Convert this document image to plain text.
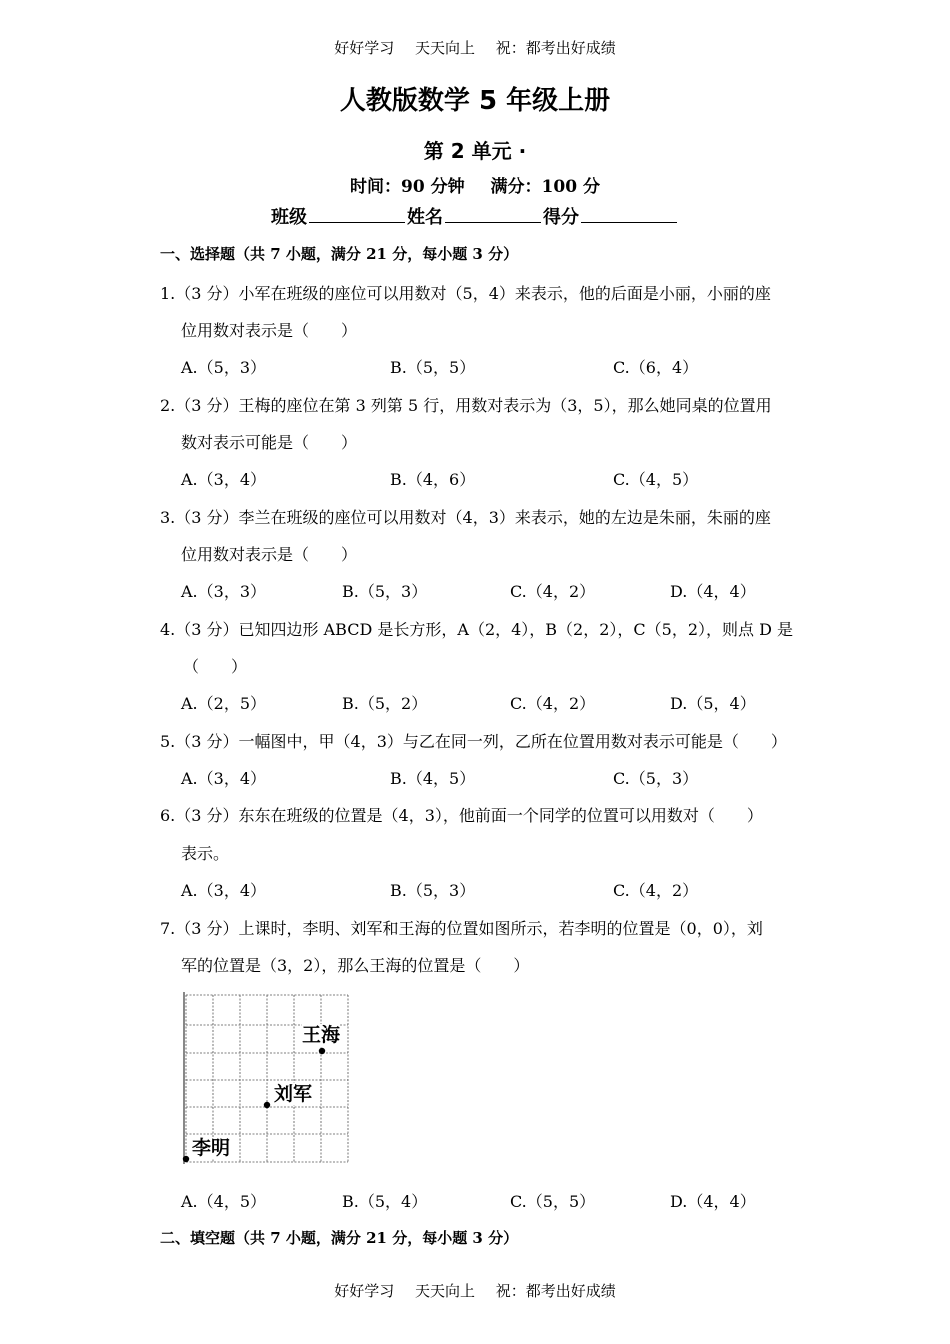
好好学习 天天向上 祝：都考出好成绩
人教版数学 5 年级上册
第 2 单元 ·
时间：90 分钟 满分：100 分
班级	姓名	得分
一、选择题（共 7 小题，满分 21 分，每小题 3 分）
1.（3 分）小军在班级的座位可以用数对（5，4）来表示，他的后面是小丽，小丽的座
位用数对表示是（　　）
A.（5，3）	B.（5，5）	C.（6，4）
2.（3 分）王梅的座位在第 3 列第 5 行，用数对表示为（3，5），那么她同桌的位置用
数对表示可能是（　　）
A.（3，4）	B.（4，6）	C.（4，5）
3.（3 分）李兰在班级的座位可以用数对（4，3）来表示，她的左边是朱丽，朱丽的座
位用数对表示是（　　）
A.（3，3）	B.（5，3）	C.（4，2）	D.（4，4）
4.（3 分）已知四边形 ABCD 是长方形，A（2，4），B（2，2），C（5，2），则点 D 是
（　　）
A.（2，5）	B.（5，2）	C.（4，2）	D.（5，4）
5.（3 分）一幅图中，甲（4，3）与乙在同一列，乙所在位置用数对表示可能是（　　）
A.（3，4）	B.（4，5）	C.（5，3）
6.（3 分）东东在班级的位置是（4，3），他前面一个同学的位置可以用数对（　　）
表示。
A.（3，4）	B.（5，3）	C.（4，2）
7.（3 分）上课时，李明、刘军和王海的位置如图所示，若李明的位置是（0，0），刘
军的位置是（3，2），那么王海的位置是（　　）
王海
刘军
李明
A.（4，5）	B.（5，4）	C.（5，5）	D.（4，4）
二、填空题（共 7 小题，满分 21 分，每小题 3 分）
好好学习 天天向上 祝：都考出好成绩
